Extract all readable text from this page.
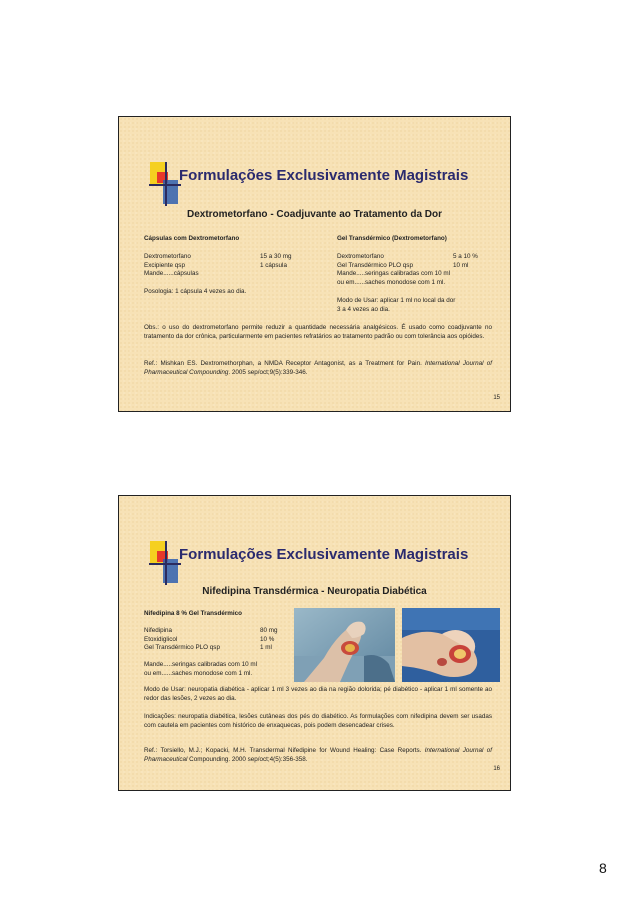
Formulações Exclusivamente Magistrais
Dextrometorfano - Coadjuvante ao Tratamento da Dor
Cápsulas com Dextrometorfano
Dextrometorfano	15 a 30 mg
Excipiente qsp	1 cápsula
Mande......cápsulas
Posologia: 1 cápsula 4 vezes ao dia.
Gel Transdérmico (Dextrometorfano)
Dextrometorfano	5 a 10 %
Gel Transdérmico PLO qsp	10 ml
Mande.....seringas calibradas com 10 ml
ou em......saches monodose com 1 ml.
Modo de Usar: aplicar 1 ml no local da dor
3 a 4 vezes ao dia.
Obs.: o uso do dextrometorfano permite reduzir a quantidade necessária analgésicos. É usado como coadjuvante no tratamento da dor crônica, particularmente em pacientes refratários ao tratamento padrão ou com tolerância aos opióides.
Ref.: Mishkan ES. Dextromethorphan, a NMDA Receptor Antagonist, as a Treatment for Pain. International Journal of Pharmaceutical Compounding. 2005 sep/oct;9(5):339-346.
15
Formulações Exclusivamente Magistrais
Nifedipina Transdérmica - Neuropatia Diabética
Nifedipina 8 % Gel Transdérmico
Nifedipina	80 mg
Etoxidiglicol	10 %
Gel Transdérmico PLO qsp	1 ml
Mande.....seringas calibradas com 10 ml
ou em......saches monodose com 1 ml.
Modo de Usar: neuropatia diabética - aplicar 1 ml 3 vezes ao dia na região dolorida; pé diabético - aplicar 1 ml somente ao redor das lesões, 2 vezes ao dia.
Indicações: neuropatia diabética, lesões cutâneas dos pés do diabético. As formulações com nifedipina devem ser usadas com cautela em pacientes com histórico de enxaquecas, pois podem desencadear crises.
Ref.: Torsiello, M.J.; Kopacki, M.H. Transdermal Nifedipine for Wound Healing: Case Reports. International Journal of Pharmaceutical Compounding. 2000 sep/oct;4(5):356-358.
16
8
